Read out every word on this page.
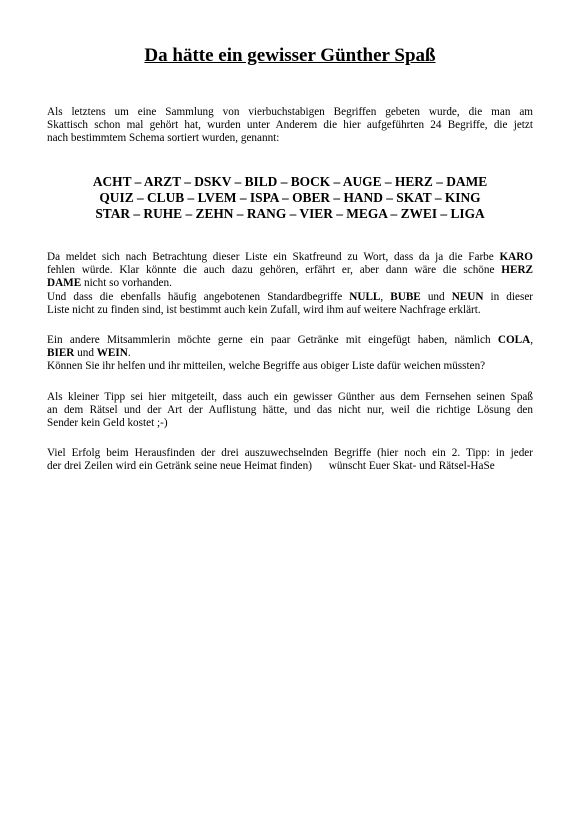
Da hätte ein gewisser Günther Spaß

Als letztens um eine Sammlung von vierbuchstabigen Begriffen gebeten wurde, die man am
Skattisch schon mal gehört hat, wurden unter Anderem die hier aufgeführten 24 Begriffe, die jetzt
nach bestimmtem Schema sortiert wurden, genannt:

ACHT – ARZT – DSKV – BILD – BOCK – AUGE – HERZ – DAME
QUIZ – CLUB – LVEM – ISPA – OBER – HAND – SKAT – KING
STAR – RUHE – ZEHN – RANG – VIER – MEGA – ZWEI – LIGA

Da meldet sich nach Betrachtung dieser Liste ein Skatfreund zu Wort, dass da ja die Farbe KARO
fehlen würde. Klar könnte die auch dazu gehören, erfährt er, aber dann wäre die schöne HERZ
DAME nicht so vorhanden.
Und dass die ebenfalls häufig angebotenen Standardbegriffe NULL, BUBE und NEUN in dieser
Liste nicht zu finden sind, ist bestimmt auch kein Zufall, wird ihm auf weitere Nachfrage erklärt.

Ein andere Mitsammlerin möchte gerne ein paar Getränke mit eingefügt haben, nämlich COLA,
BIER und WEIN.
Können Sie ihr helfen und ihr mitteilen, welche Begriffe aus obiger Liste dafür weichen müssten?

Als kleiner Tipp sei hier mitgeteilt, dass auch ein gewisser Günther aus dem Fernsehen seinen Spaß
an dem Rätsel und der Art der Auflistung hätte, und das nicht nur, weil die richtige Lösung den
Sender kein Geld kostet ;-)

Viel Erfolg beim Herausfinden der drei auszuwechselnden Begriffe (hier noch ein 2. Tipp: in jeder
der drei Zeilen wird ein Getränk seine neue Heimat finden)      wünscht Euer Skat- und Rätsel-HaSe
